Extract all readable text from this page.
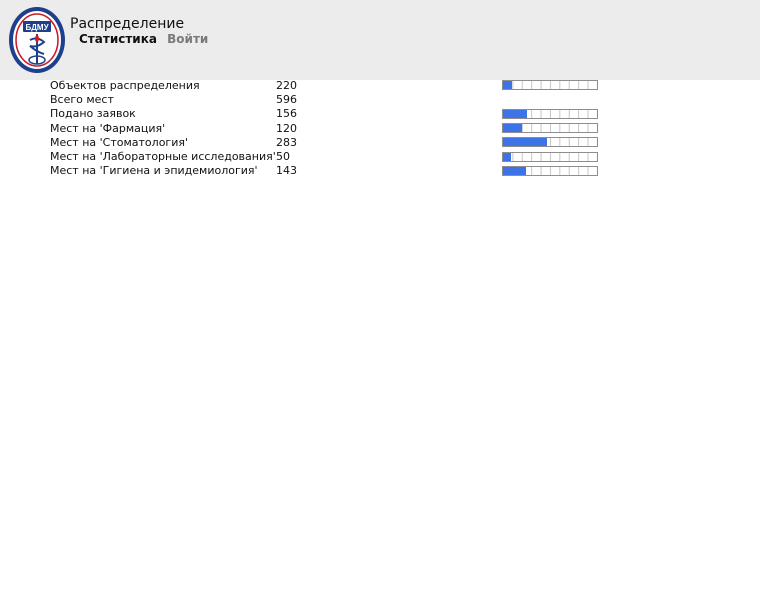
БДМУ Распределение
Статистика Войти
Объектов распределения	220	

Всего мест	596	

Подано заявок	156	

Мест на 'Фармация'	120	

Мест на 'Стоматология'	283	

Мест на 'Лабораторные исследования'	50	

Мест на 'Гигиена и эпидемиология'	143	
